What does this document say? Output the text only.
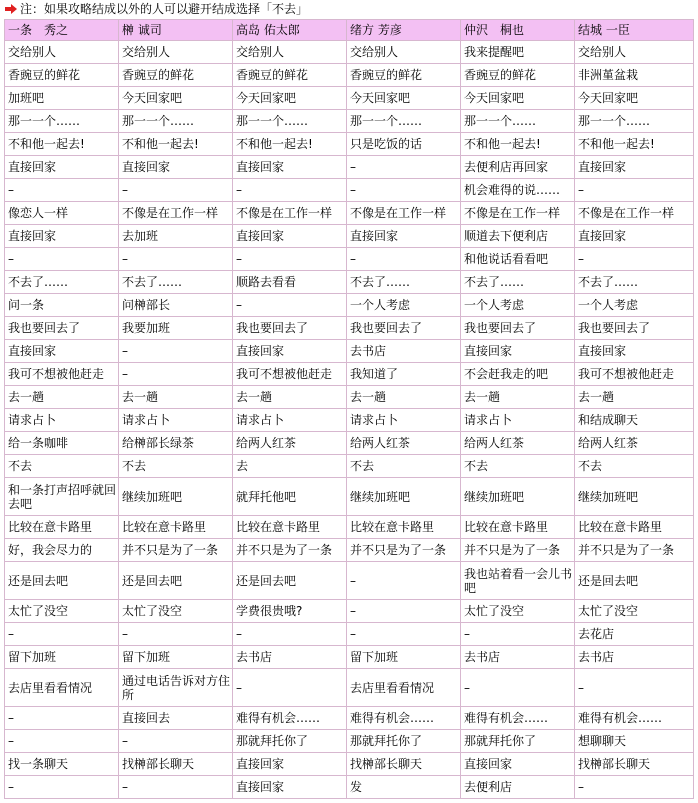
注：如果攻略结成以外的人可以避开结成选择「不去」
一条　秀之	榊 诚司	高岛 佑太郎	绪方 芳彦	仲沢　桐也	结城 一臣
交给别人	交给别人	交给别人	交给别人	我来提醒吧	交给别人
香豌豆的鲜花	香豌豆的鲜花	香豌豆的鲜花	香豌豆的鲜花	香豌豆的鲜花	非洲堇盆栽
加班吧	今天回家吧	今天回家吧	今天回家吧	今天回家吧	今天回家吧
那一一个……	那一一个……	那一一个……	那一一个……	那一一个……	那一一个……
不和他一起去!	不和他一起去!	不和他一起去!	只是吃饭的话	不和他一起去!	不和他一起去!
直接回家	直接回家	直接回家	–	去便利店再回家	直接回家
–	–	–	–	机会难得的说……	–
像恋人一样	不像是在工作一样	不像是在工作一样	不像是在工作一样	不像是在工作一样	不像是在工作一样
直接回家	去加班	直接回家	直接回家	顺道去下便利店	直接回家
–	–	–	–	和他说话看看吧	–
不去了……	不去了……	顺路去看看	不去了……	不去了……	不去了……
问一条	问榊部长	–	一个人考虑	一个人考虑	一个人考虑
我也要回去了	我要加班	我也要回去了	我也要回去了	我也要回去了	我也要回去了
直接回家	–	直接回家	去书店	直接回家	直接回家
我可不想被他赶走	–	我可不想被他赶走	我知道了	不会赶我走的吧	我可不想被他赶走
去一趟	去一趟	去一趟	去一趟	去一趟	去一趟
请求占卜	请求占卜	请求占卜	请求占卜	请求占卜	和结成聊天
给一条咖啡	给榊部长绿茶	给两人红茶	给两人红茶	给两人红茶	给两人红茶
不去	不去	去	不去	不去	不去
和一条打声招呼就回去吧	继续加班吧	就拜托他吧	继续加班吧	继续加班吧	继续加班吧
比较在意卡路里	比较在意卡路里	比较在意卡路里	比较在意卡路里	比较在意卡路里	比较在意卡路里
好，我会尽力的	并不只是为了一条	并不只是为了一条	并不只是为了一条	并不只是为了一条	并不只是为了一条
还是回去吧	还是回去吧	还是回去吧	–	我也站着看一会儿书吧	还是回去吧
太忙了没空	太忙了没空	学费很贵哦?	–	太忙了没空	太忙了没空
–	–	–	–	–	去花店
留下加班	留下加班	去书店	留下加班	去书店	去书店
去店里看看情况	通过电话告诉对方住所	–	去店里看看情况	–	–
–	直接回去	难得有机会……	难得有机会……	难得有机会……	难得有机会……
–	–	那就拜托你了	那就拜托你了	那就拜托你了	想聊聊天
找一条聊天	找榊部长聊天	直接回家	找榊部长聊天	直接回家	找榊部长聊天
–	–	直接回家	发	去便利店	–
